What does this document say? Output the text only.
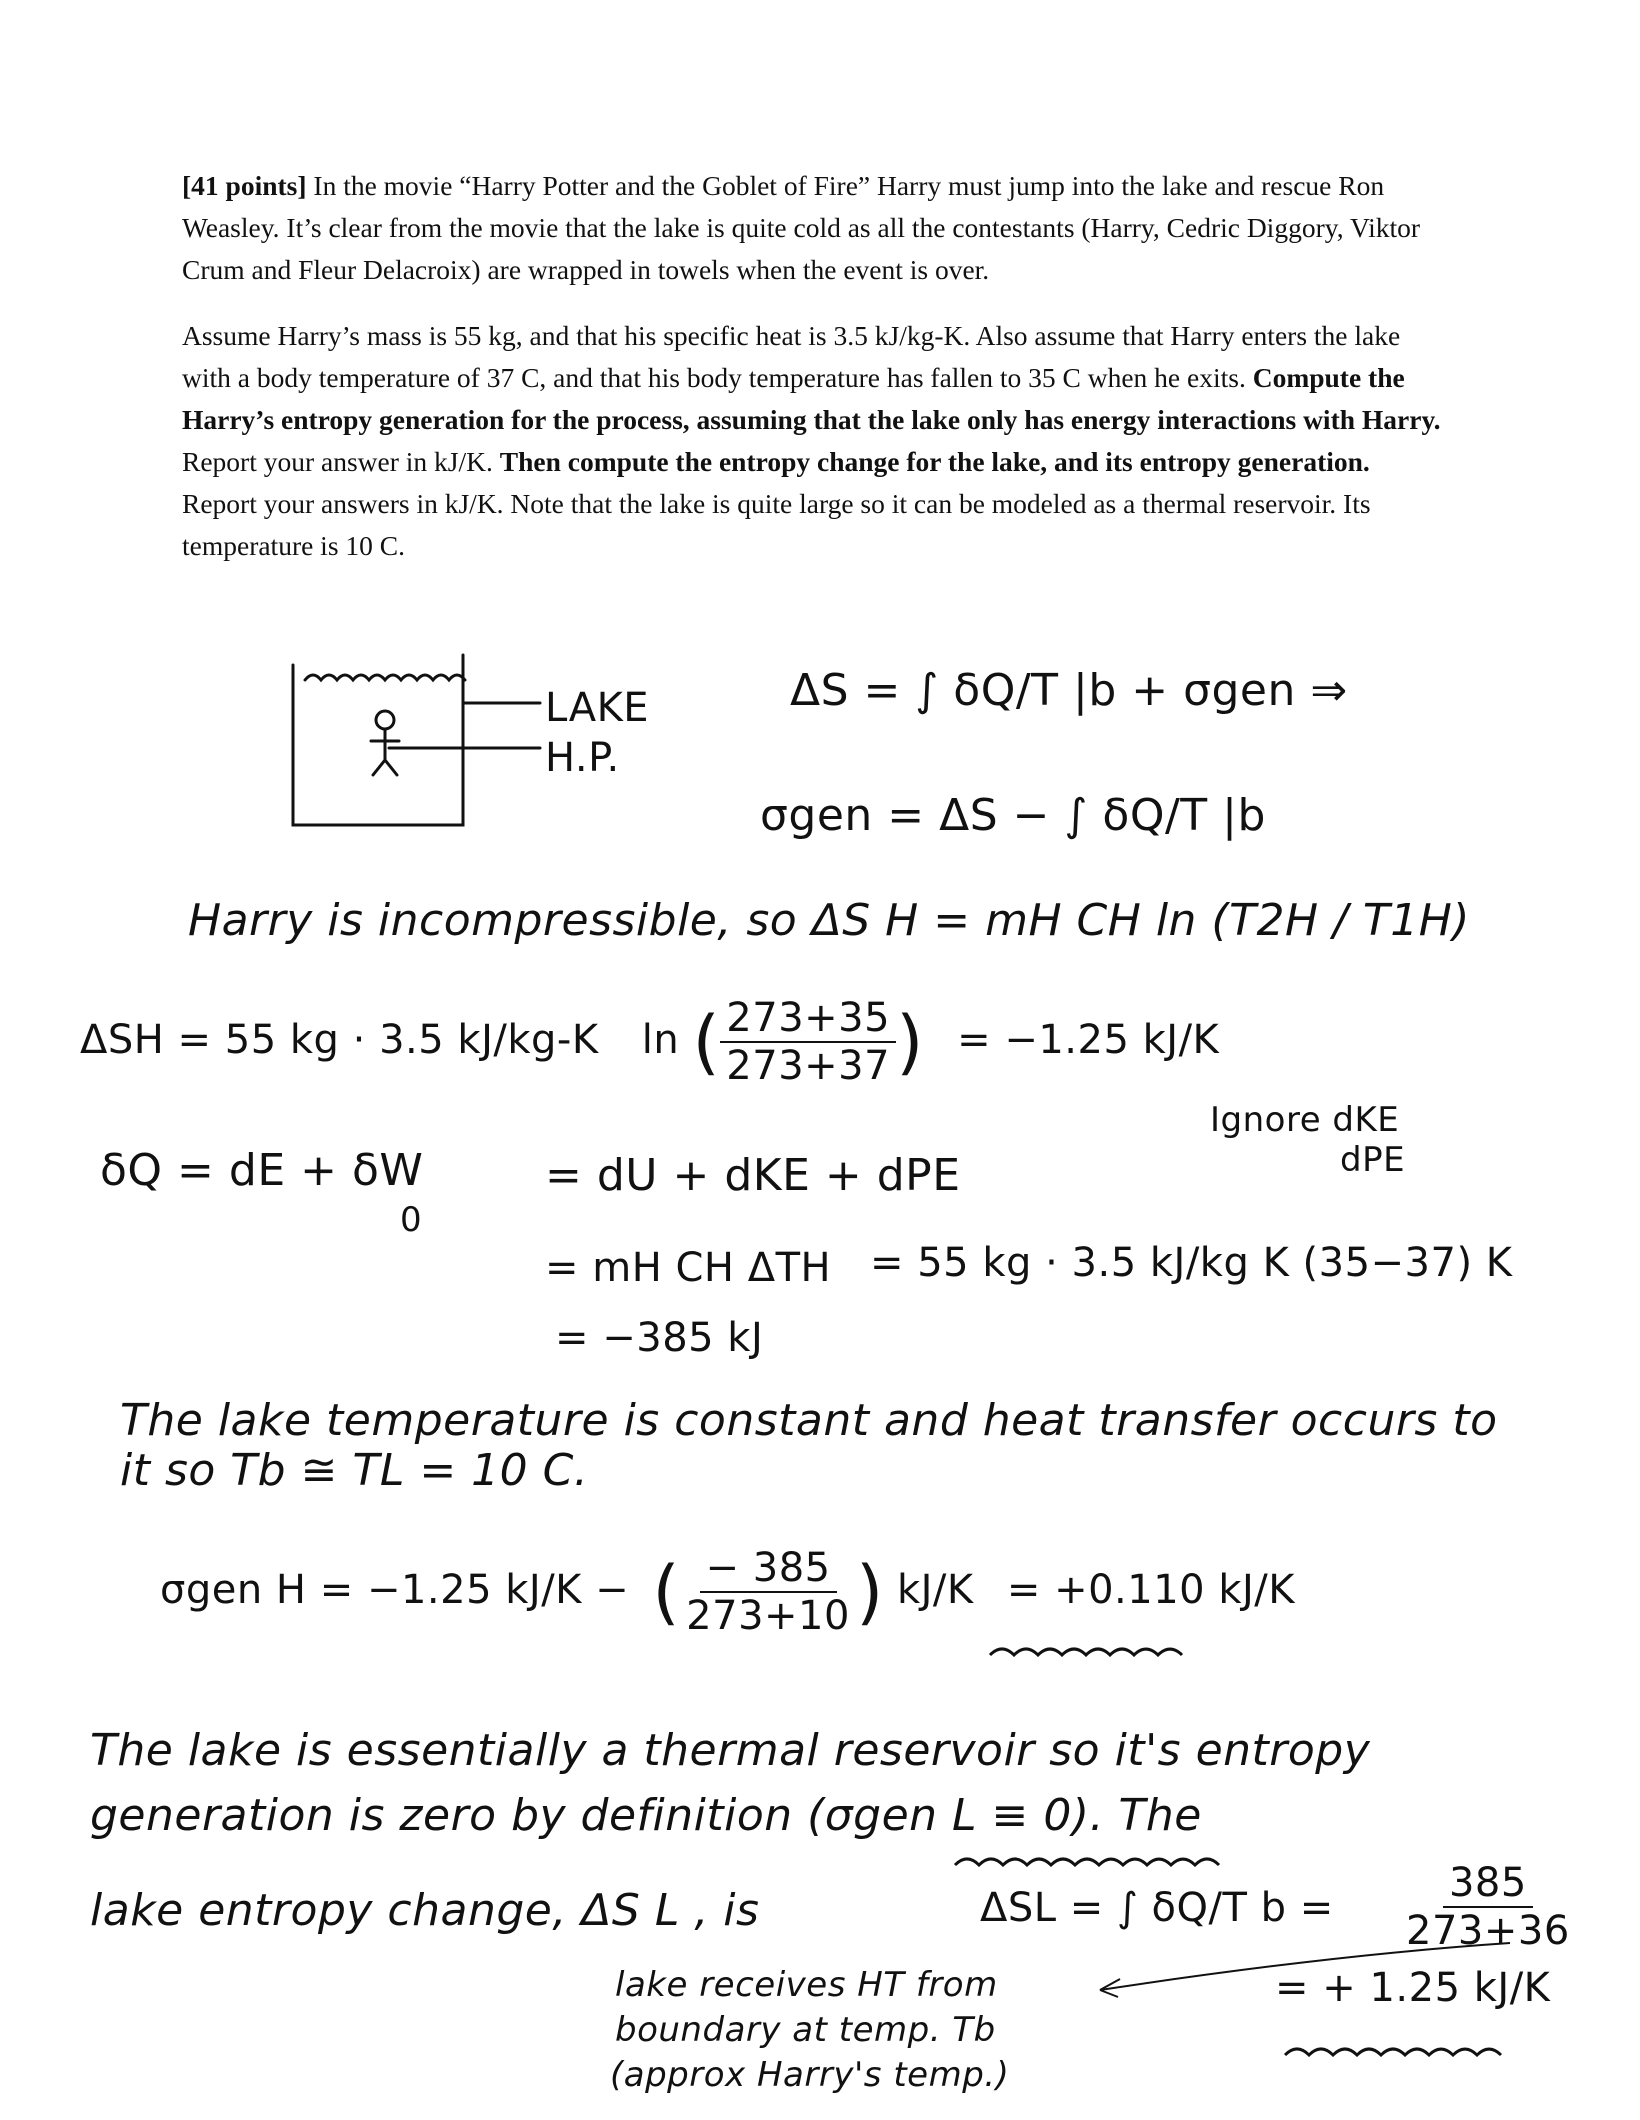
[41 points] In the movie “Harry Potter and the Goblet of Fire” Harry must jump into the lake and rescue Ron Weasley. It’s clear from the movie that the lake is quite cold as all the contestants (Harry, Cedric Diggory, Viktor Crum and Fleur Delacroix) are wrapped in towels when the event is over.

Assume Harry’s mass is 55 kg, and that his specific heat is 3.5 kJ/kg-K. Also assume that Harry enters the lake with a body temperature of 37 C, and that his body temperature has fallen to 35 C when he exits. Compute the Harry’s entropy generation for the process, assuming that the lake only has energy interactions with Harry. Report your answer in kJ/K. Then compute the entropy change for the lake, and its entropy generation. Report your answers in kJ/K. Note that the lake is quite large so it can be modeled as a thermal reservoir. Its temperature is 10 C.

LAKE
H.P.
ΔS = ∫ δQ/T |b + σgen ⇒
σgen = ΔS − ∫ δQ/T |b
Harry is incompressible, so ΔS H = mH CH ln (T2H / T1H)
ΔSH = 55 kg · 3.5 kJ/kg-K ln ( $\frac{273+35}{273+37}$ ) = −1.25 kJ/K
Ignore dKE
dPE
δQ = dE + δW
0
= dU + dKE + dPE
= mH CH ΔTH = 55 kg · 3.5 kJ/kg K (35−37) K
= −385 kJ
The lake temperature is constant and heat transfer occurs to
it so Tb ≅ TL = 10 C.
σgen H = −1.25 kJ/K − ( $\frac{- 385}{273+10}$ ) kJ/K = +0.110 kJ/K
The lake is essentially a thermal reservoir so it's entropy
generation is zero by definition (σgen L ≡ 0). The
lake entropy change, ΔS L , is	ΔSL = ∫ δQ/T $b = \frac{385}{273+36}$
lake receives HT from
boundary at temp. Tb
(approx Harry's temp.)
= + 1.25 kJ/K
